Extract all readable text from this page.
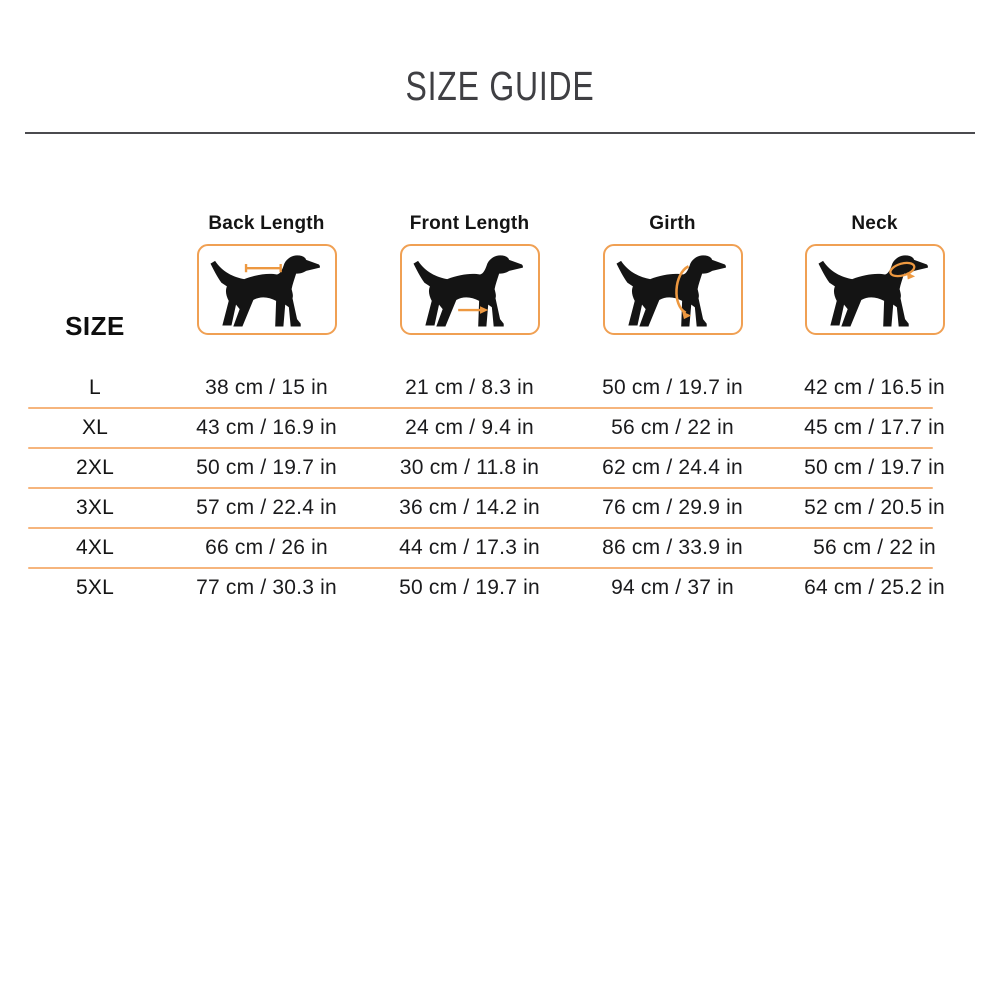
SIZE GUIDE
SIZE
Back Length	Front Length	Girth	Neck
L	38 cm / 15 in	21 cm / 8.3 in	50 cm / 19.7 in	42 cm / 16.5 in
XL	43 cm / 16.9 in	24 cm / 9.4 in	56 cm / 22 in	45 cm / 17.7 in
2XL	50 cm / 19.7 in	30 cm / 11.8 in	62 cm / 24.4 in	50 cm / 19.7 in
3XL	57 cm / 22.4 in	36 cm / 14.2 in	76 cm / 29.9 in	52 cm / 20.5 in
4XL	66 cm / 26 in	44 cm / 17.3 in	86 cm / 33.9 in	56 cm / 22 in
5XL	77 cm / 30.3 in	50 cm / 19.7 in	94 cm / 37 in	64 cm / 25.2 in
